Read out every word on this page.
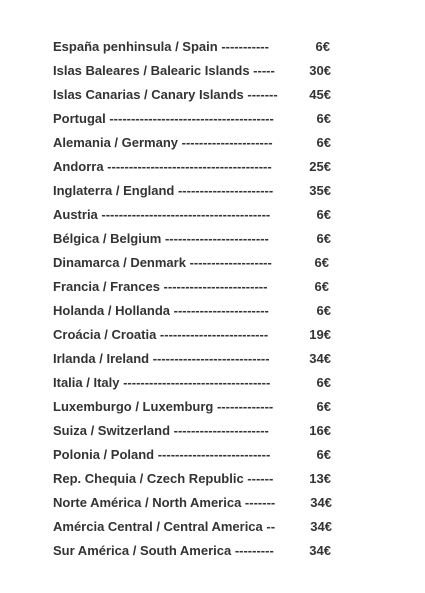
España penhinsula / Spain -----------	6€
Islas Baleares / Balearic Islands -----	30€
Islas Canarias / Canary Islands ------- 45€
Portugal --------------------------------------	6€
Alemania / Germany ---------------------	6€
Andorra --------------------------------------	25€
Inglaterra / England ----------------------	35€
Austria ---------------------------------------	6€
Bélgica / Belgium ------------------------	6€
Dinamarca / Denmark -------------------	6€
Francia / Frances ------------------------	6€
Holanda / Hollanda ----------------------	6€
Croácia / Croatia -------------------------	19€
Irlanda / Ireland ---------------------------	34€
Italia / Italy ----------------------------------	6€
Luxemburgo / Luxemburg -------------	6€
Suiza / Switzerland ----------------------	16€
Polonia / Poland --------------------------	6€
Rep. Chequia / Czech Republic ------	13€
Norte América / North America -------	34€
Amércia Central / Central America --	34€
Sur América / South America ---------	34€
